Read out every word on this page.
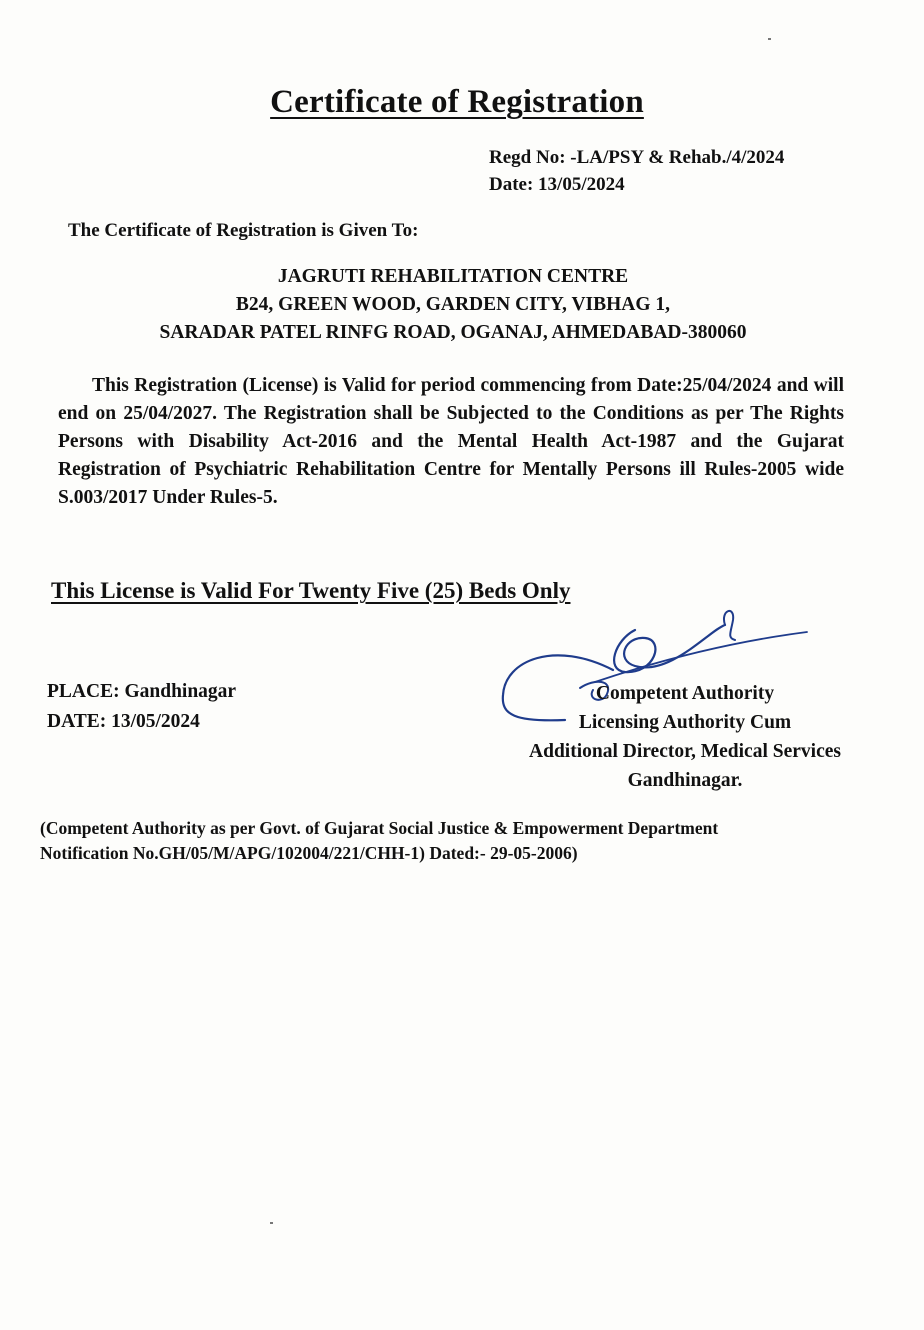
Certificate of Registration
Regd No: -LA/PSY & Rehab./4/2024
Date: 13/05/2024
The Certificate of Registration is Given To:
JAGRUTI REHABILITATION CENTRE
B24, GREEN WOOD, GARDEN CITY, VIBHAG 1,
SARADAR PATEL RINFG ROAD, OGANAJ, AHMEDABAD-380060
This Registration (License) is Valid for period commencing from Date:25/04/2024 and will end on 25/04/2027. The Registration shall be Subjected to the Conditions as per The Rights Persons with Disability Act-2016 and the Mental Health Act-1987 and the Gujarat Registration of Psychiatric Rehabilitation Centre for Mentally Persons ill Rules-2005 wide S.003/2017 Under Rules-5.
This License is Valid For Twenty Five (25) Beds Only
PLACE: Gandhinagar
DATE: 13/05/2024
Competent Authority
Licensing Authority Cum
Additional Director, Medical Services
Gandhinagar.
(Competent Authority as per Govt. of Gujarat Social Justice & Empowerment Department
Notification No.GH/05/M/APG/102004/221/CHH-1) Dated:- 29-05-2006)
